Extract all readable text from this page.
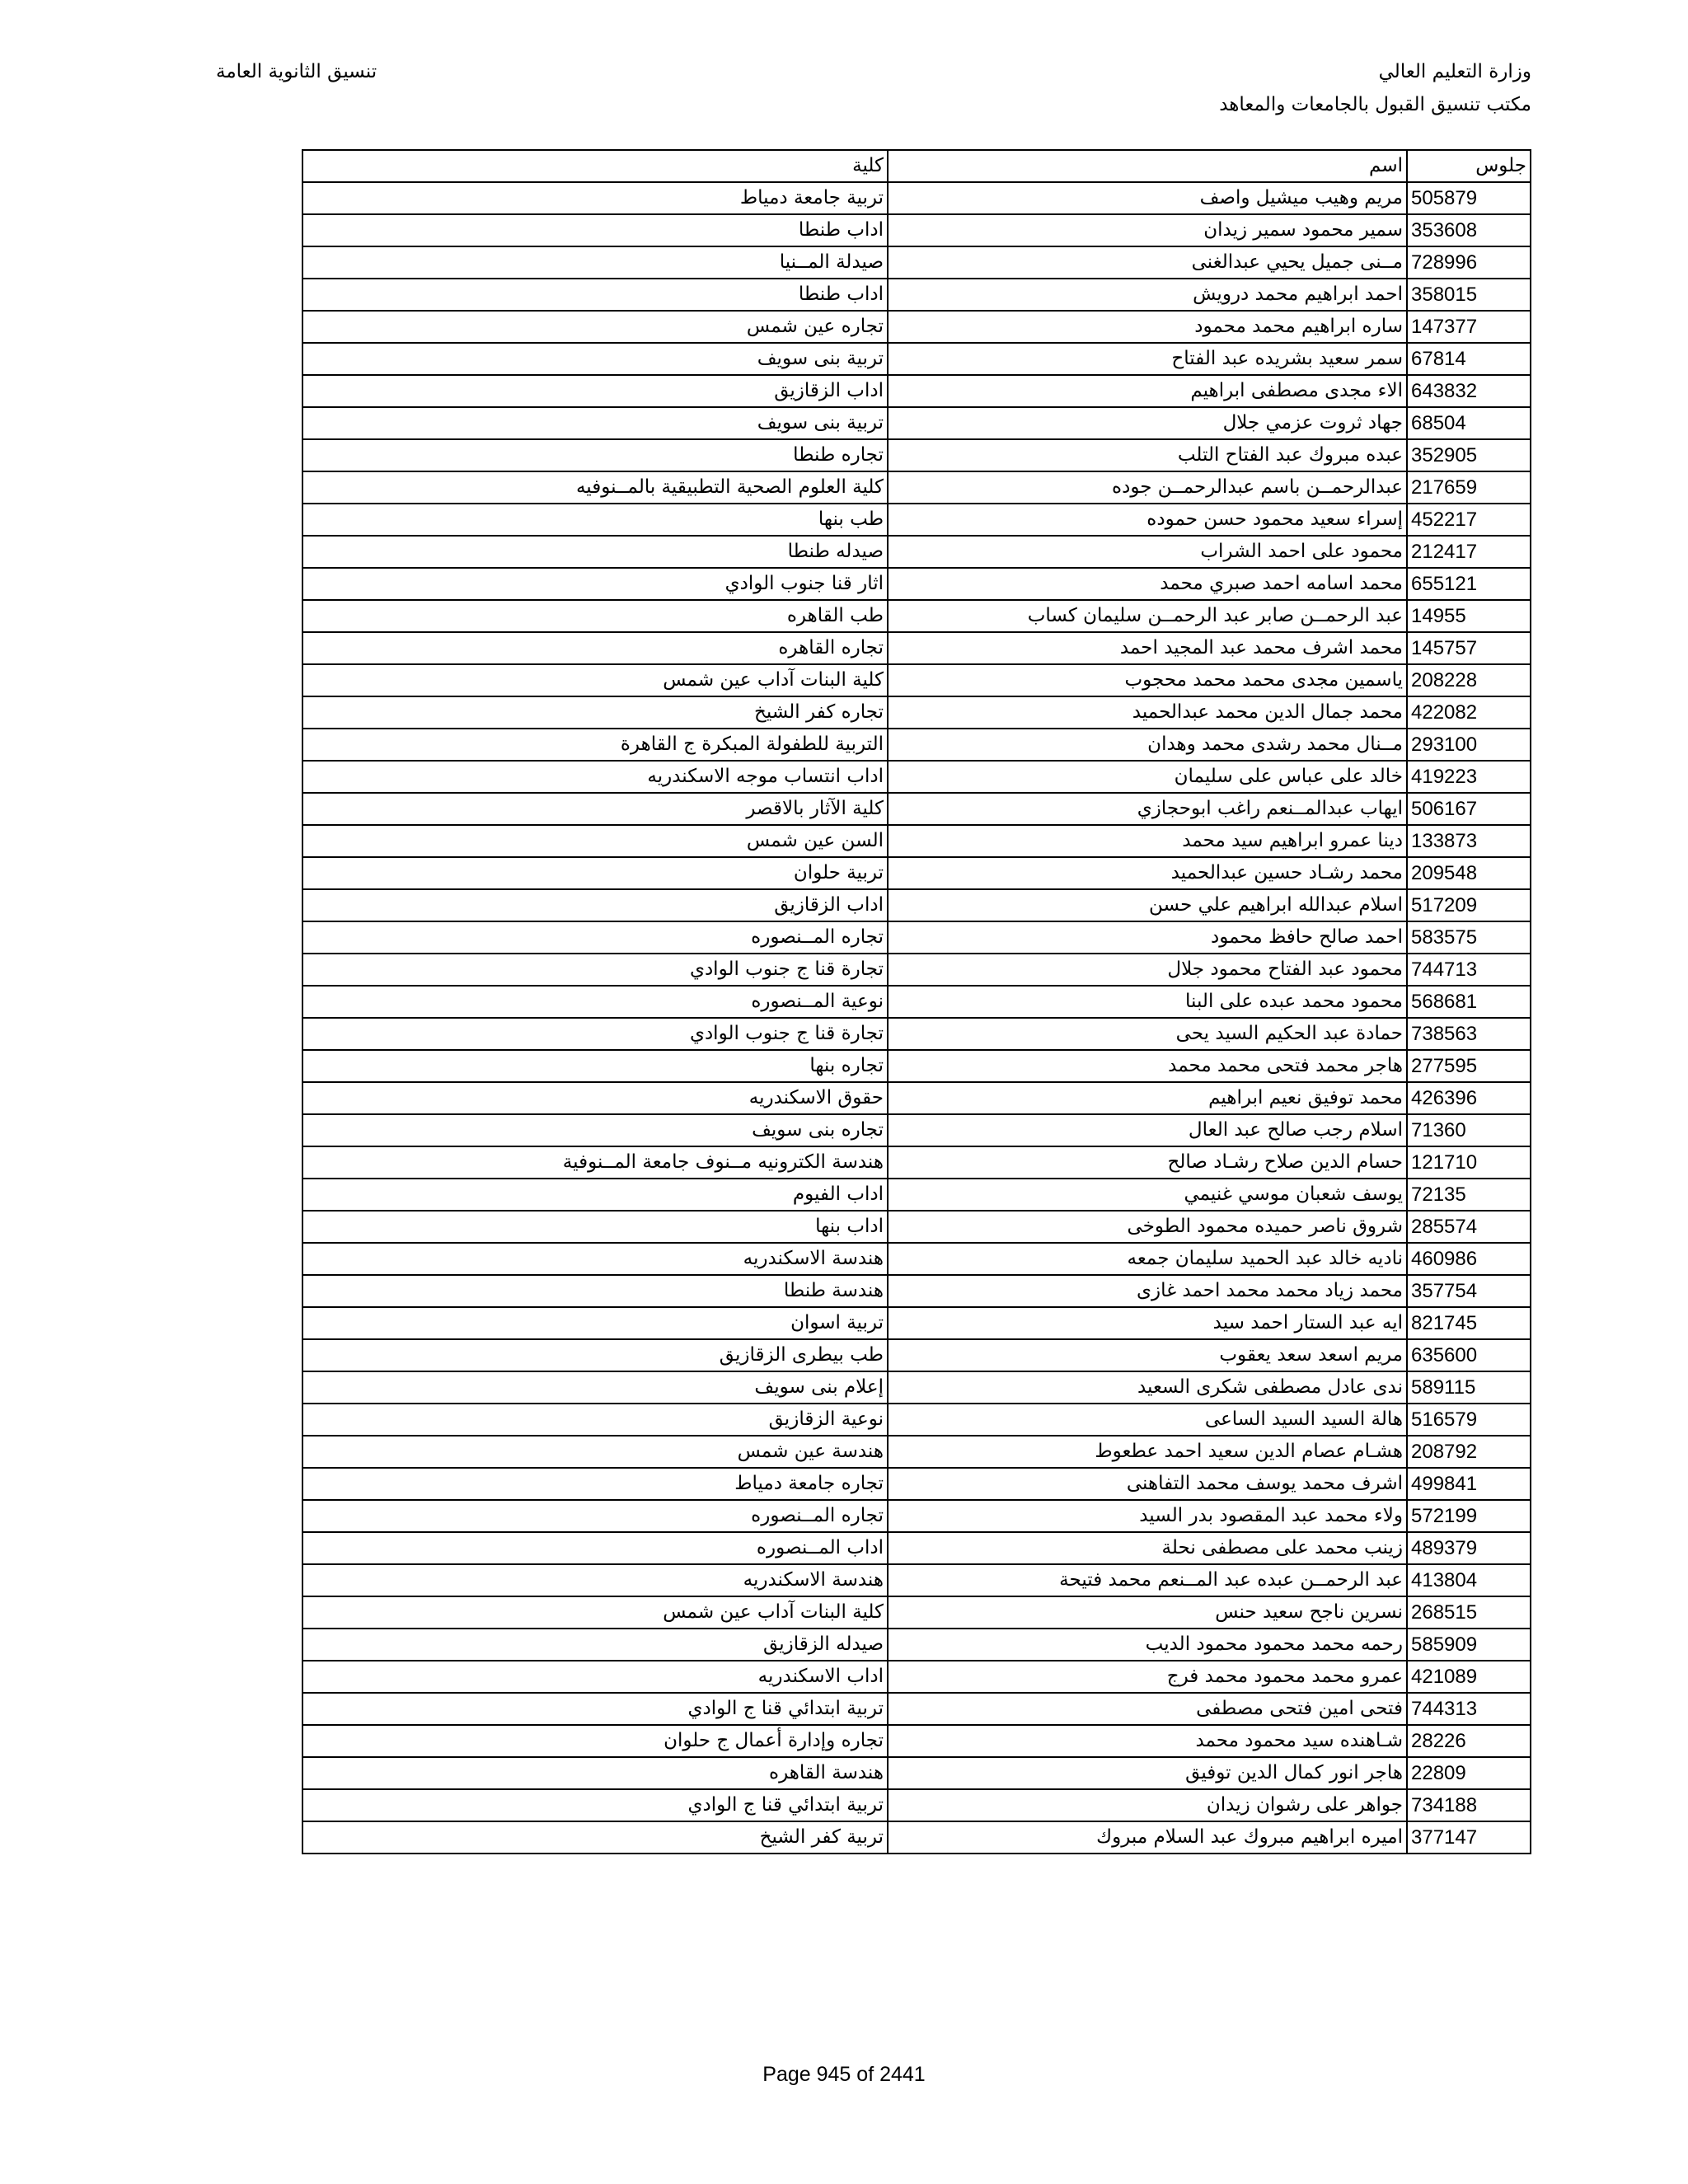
وزارة التعليم العالي
مكتب تنسيق القبول بالجامعات والمعاهد
تنسيق الثانوية العامة
جلوس	اسم	كلية
505879	مريم وهيب ميشيل واصف	تربية جامعة دمياط
353608	سمير محمود سمير زيدان	اداب طنطا
728996	مــنى جميل يحيي عبدالغنى	صيدلة المــنيا
358015	احمد ابراهيم محمد درويش	اداب طنطا
147377	ساره ابراهيم محمد محمود	تجاره عين شمس
67814	سمر سعيد بشريده عبد الفتاح	تربية بنى سويف
643832	الاء مجدى مصطفى ابراهيم	اداب الزقازيق
68504	جهاد ثروت عزمي جلال	تربية بنى سويف
352905	عبده مبروك عبد الفتاح التلب	تجاره طنطا
217659	عبدالرحمــن باسم عبدالرحمــن جوده	كلية العلوم الصحية التطبيقية بالمــنوفيه
452217	إسراء سعيد محمود حسن حموده	طب بنها
212417	محمود على احمد الشراب	صيدله طنطا
655121	محمد اسامه احمد صبري محمد	اثار قنا جنوب الوادي
14955	عبد الرحمــن صابر عبد الرحمــن سليمان كساب	طب القاهره
145757	محمد اشرف محمد عبد المجيد احمد	تجاره القاهره
208228	ياسمين مجدى محمد محمد محجوب	كلية البنات آداب عين شمس
422082	محمد جمال الدين محمد عبدالحميد	تجاره كفر الشيخ
293100	مــنال محمد رشدى محمد وهدان	التربية للطفولة المبكرة ج القاهرة
419223	خالد على عباس على سليمان	اداب انتساب موجه الاسكندريه
506167	ايهاب عبدالمــنعم راغب ابوحجازي	كلية الآثار بالاقصر
133873	دينا عمرو ابراهيم سيد محمد	السن عين شمس
209548	محمد رشـاد حسين عبدالحميد	تربية حلوان
517209	اسلام عبدالله ابراهيم علي حسن	اداب الزقازيق
583575	احمد صالح حافظ محمود	تجاره المــنصوره
744713	محمود عبد الفتاح محمود جلال	تجارة قنا ج جنوب الوادي
568681	محمود محمد عبده على البنا	نوعية المــنصوره
738563	حمادة عبد الحكيم السيد يحى	تجارة قنا ج جنوب الوادي
277595	هاجر محمد فتحى محمد محمد	تجاره بنها
426396	محمد توفيق نعيم ابراهيم	حقوق الاسكندريه
71360	اسلام رجب صالح عبد العال	تجاره بنى سويف
121710	حسام الدين صلاح رشـاد صالح	هندسة الكترونيه مــنوف جامعة المــنوفية
72135	يوسف شعبان موسي غنيمي	اداب الفيوم
285574	شروق ناصر حميده محمود الطوخى	اداب بنها
460986	ناديه خالد عبد الحميد سليمان جمعه	هندسة الاسكندريه
357754	محمد زياد محمد محمد احمد غازى	هندسة طنطا
821745	ايه عبد الستار احمد سيد	تربية اسوان
635600	مريم اسعد سعد يعقوب	طب بيطرى الزقازيق
589115	ندى عادل مصطفى شكرى السعيد	إعلام بنى سويف
516579	هالة السيد السيد الساعى	نوعية الزقازيق
208792	هشـام عصام الدين سعيد احمد عطعوط	هندسة عين شمس
499841	اشرف محمد يوسف محمد التفاهنى	تجاره جامعة دمياط
572199	ولاء محمد عبد المقصود بدر السيد	تجاره المــنصوره
489379	زينب محمد على مصطفى نحلة	اداب المــنصوره
413804	عبد الرحمــن عبده عبد المــنعم محمد فتيحة	هندسة الاسكندريه
268515	نسرين ناجح سعيد حنس	كلية البنات آداب عين شمس
585909	رحمه محمد محمود محمود الديب	صيدله الزقازيق
421089	عمرو محمد محمود محمد فرج	اداب الاسكندريه
744313	فتحى امين فتحى مصطفى	تربية ابتدائي قنا ج الوادي
28226	شـاهنده سيد محمود محمد	تجاره وإدارة أعمال ج حلوان
22809	هاجر انور كمال الدين توفيق	هندسة القاهره
734188	جواهر على رشوان زيدان	تربية ابتدائي قنا ج الوادي
377147	اميره ابراهيم مبروك عبد السلام مبروك	تربية كفر الشيخ
Page 945 of 2441
